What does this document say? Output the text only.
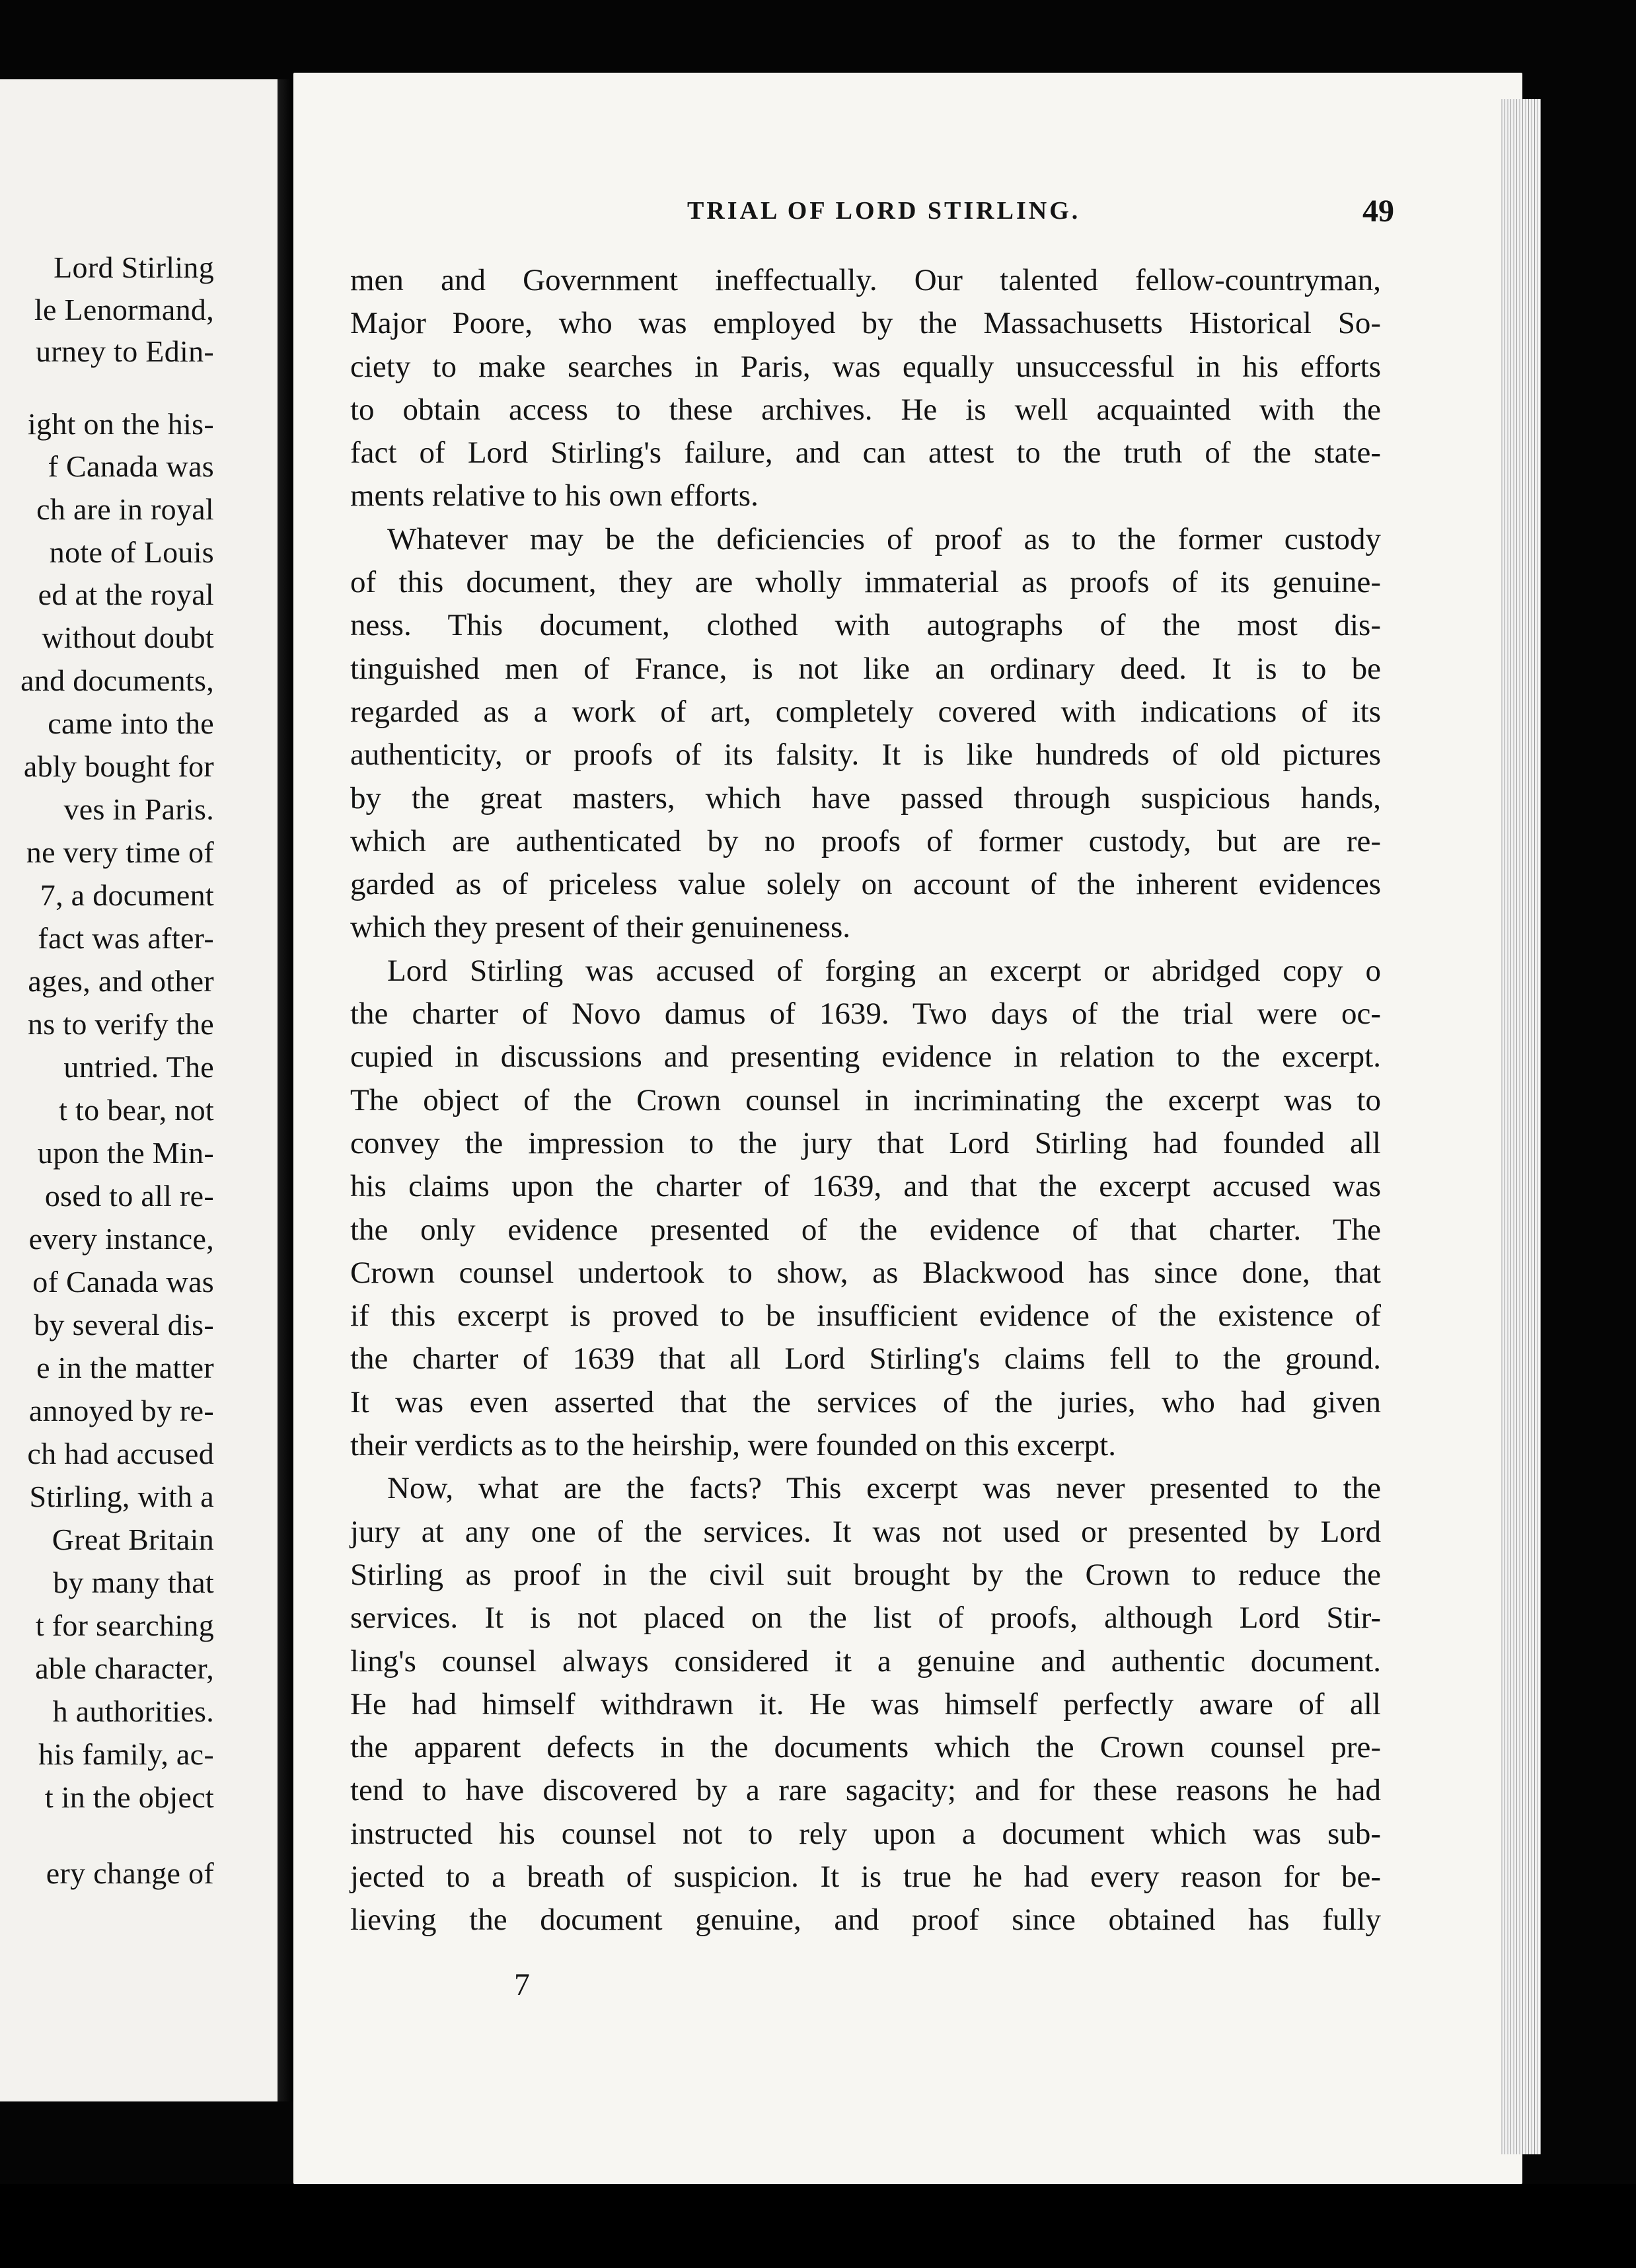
Lord Stirling
le Lenormand,
urney to Edin-
ight on the his-
f Canada was
ch are in royal
note of Louis
ed at the royal
without doubt
and documents,
came into the
ably bought for
ves in Paris.
ne very time of
7, a document
fact was after-
ages, and other
ns to verify the
untried. The
t to bear, not
upon the Min-
osed to all re-
every instance,
of Canada was
by several dis-
e in the matter
annoyed by re-
ch had accused
Stirling, with a
Great Britain
by many that
t for searching
able character,
h authorities.
his family, ac-
t in the object
ery change of
TRIAL OF LORD STIRLING.	49
men and Government ineffectually. Our talented fellow-countryman,
Major Poore, who was employed by the Massachusetts Historical So-
ciety to make searches in Paris, was equally unsuccessful in his efforts
to obtain access to these archives. He is well acquainted with the
fact of Lord Stirling's failure, and can attest to the truth of the state-
ments relative to his own efforts.
Whatever may be the deficiencies of proof as to the former custody
of this document, they are wholly immaterial as proofs of its genuine-
ness. This document, clothed with autographs of the most dis-
tinguished men of France, is not like an ordinary deed. It is to be
regarded as a work of art, completely covered with indications of its
authenticity, or proofs of its falsity. It is like hundreds of old pictures
by the great masters, which have passed through suspicious hands,
which are authenticated by no proofs of former custody, but are re-
garded as of priceless value solely on account of the inherent evidences
which they present of their genuineness.
Lord Stirling was accused of forging an excerpt or abridged copy o
the charter of Novo damus of 1639. Two days of the trial were oc-
cupied in discussions and presenting evidence in relation to the excerpt.
The object of the Crown counsel in incriminating the excerpt was to
convey the impression to the jury that Lord Stirling had founded all
his claims upon the charter of 1639, and that the excerpt accused was
the only evidence presented of the evidence of that charter. The
Crown counsel undertook to show, as Blackwood has since done, that
if this excerpt is proved to be insufficient evidence of the existence of
the charter of 1639 that all Lord Stirling's claims fell to the ground.
It was even asserted that the services of the juries, who had given
their verdicts as to the heirship, were founded on this excerpt.
Now, what are the facts? This excerpt was never presented to the
jury at any one of the services. It was not used or presented by Lord
Stirling as proof in the civil suit brought by the Crown to reduce the
services. It is not placed on the list of proofs, although Lord Stir-
ling's counsel always considered it a genuine and authentic document.
He had himself withdrawn it. He was himself perfectly aware of all
the apparent defects in the documents which the Crown counsel pre-
tend to have discovered by a rare sagacity; and for these reasons he had
instructed his counsel not to rely upon a document which was sub-
jected to a breath of suspicion. It is true he had every reason for be-
lieving the document genuine, and proof since obtained has fully
7
